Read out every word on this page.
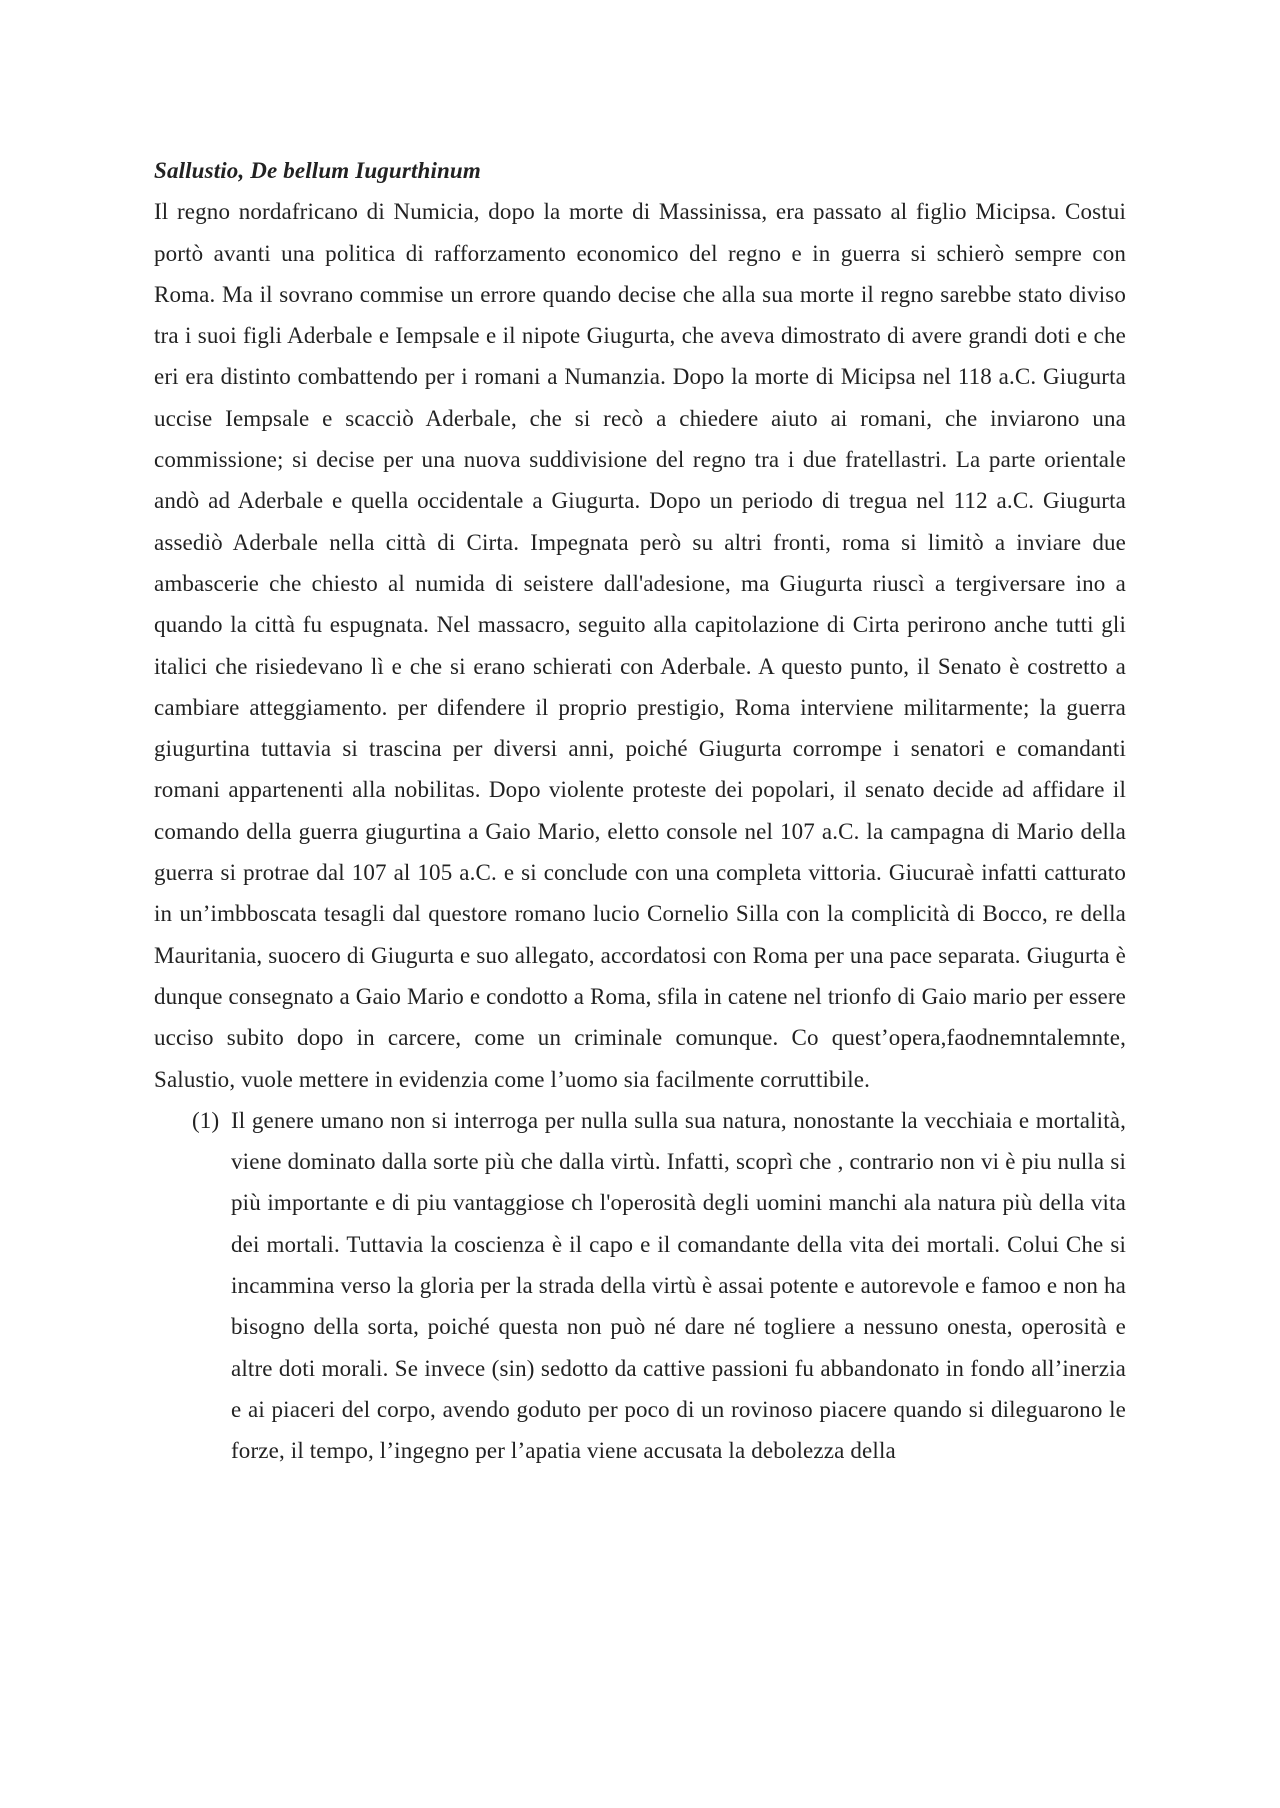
Sallustio, De bellum Iugurthinum

Il regno nordafricano di Numicia, dopo la morte di Massinissa, era passato al figlio Micipsa. Costui portò avanti una politica di rafforzamento economico del regno e in guerra si schierò sempre con Roma. Ma il sovrano commise un errore quando decise che alla sua morte il regno sarebbe stato diviso tra i suoi figli Aderbale e Iempsale e il nipote Giugurta, che aveva dimostrato di avere grandi doti e che eri era distinto combattendo per i romani a Numanzia. Dopo la morte di Micipsa nel 118 a.C. Giugurta uccise Iempsale e scacciò Aderbale, che si recò a chiedere aiuto ai romani, che inviarono una commissione; si decise per una nuova suddivisione del regno tra i due fratellastri. La parte orientale andò ad Aderbale e quella occidentale a Giugurta. Dopo un periodo di tregua nel 112 a.C. Giugurta assediò Aderbale nella città di Cirta. Impegnata però su altri fronti, roma si limitò a inviare due ambascerie che chiesto al numida di seistere dall'adesione, ma Giugurta riuscì a tergiversare ino a quando la città fu espugnata. Nel massacro, seguito alla capitolazione di Cirta perirono anche tutti gli italici che risiedevano lì e che si erano schierati con Aderbale. A questo punto, il Senato è costretto a cambiare atteggiamento. per difendere il proprio prestigio, Roma interviene militarmente; la guerra giugurtina tuttavia si trascina per diversi anni, poiché Giugurta corrompe i senatori e comandanti romani appartenenti alla nobilitas. Dopo violente proteste dei popolari, il senato decide ad affidare il comando della guerra giugurtina a Gaio Mario, eletto console nel 107 a.C. la campagna di Mario della guerra si protrae dal 107 al 105 a.C. e si conclude con una completa vittoria. Giucuraè infatti catturato in un’imbboscata tesagli dal questore romano lucio Cornelio Silla con la complicità di Bocco, re della Mauritania, suocero di Giugurta e suo allegato, accordatosi con Roma per una pace separata. Giugurta è dunque consegnato a Gaio Mario e condotto a Roma, sfila in catene nel trionfo di Gaio mario per essere ucciso subito dopo in carcere, come un criminale comunque. Co quest’opera,faodnemntalemnte, Salustio, vuole mettere in evidenzia come l’uomo sia facilmente corruttibile.

(1) Il genere umano non si interroga per nulla sulla sua natura, nonostante la vecchiaia e mortalità, viene dominato dalla sorte più che dalla virtù. Infatti, scoprì che , contrario non vi è piu nulla si più importante e di piu vantaggiose ch l'operosità degli uomini manchi ala natura più della vita dei mortali. Tuttavia la coscienza è il capo e il comandante della vita dei mortali. Colui Che si incammina verso la gloria per la strada della virtù è assai potente e autorevole e famoo e non ha bisogno della sorta, poiché questa non può né dare né togliere a nessuno onesta, operosità e altre doti morali. Se invece (sin) sedotto da cattive passioni fu abbandonato in fondo all’inerzia e ai piaceri del corpo, avendo goduto per poco di un rovinoso piacere quando si dileguarono le forze, il tempo, l’ingegno per l’apatia viene accusata la debolezza della
